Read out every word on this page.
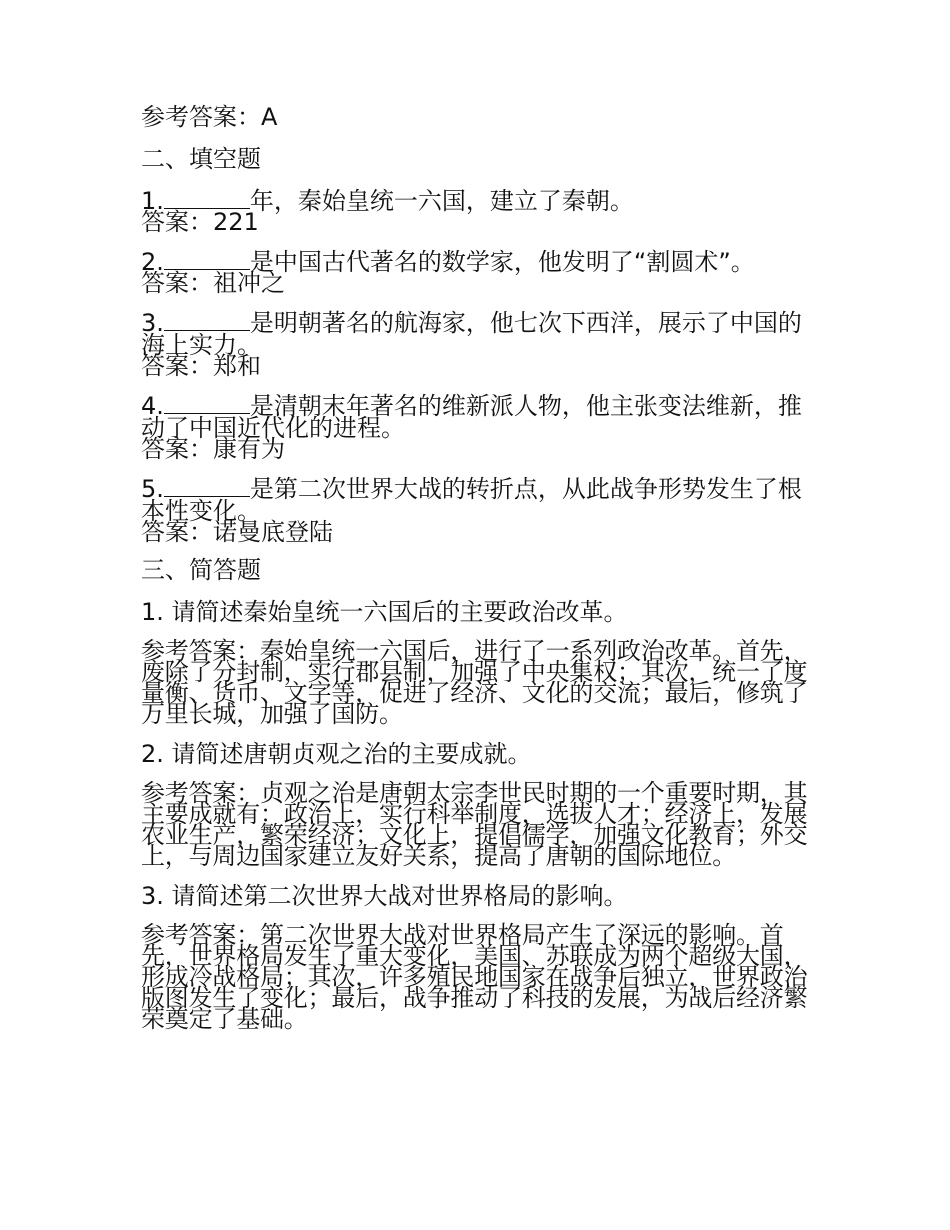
参考答案：A

二、填空题

1.	年，秦始皇统一六国，建立了秦朝。

答案：221

2.	是中国古代著名的数学家，他发明了“割圆术”。

答案：祖冲之

3.	是明朝著名的航海家，他七次下西洋，展示了中国的海上实力。

答案：郑和

4.	是清朝末年著名的维新派人物，他主张变法维新，推动了中国近代化的进程。

答案：康有为

5.	是第二次世界大战的转折点，从此战争形势发生了根本性变化。

答案：诺曼底登陆

三、简答题

1. 请简述秦始皇统一六国后的主要政治改革。

参考答案：秦始皇统一六国后，进行了一系列政治改革。首先，废除了分封制，实行郡县制，加强了中央集权；其次，统一了度量衡、货币、文字等，促进了经济、文化的交流；最后，修筑了万里长城，加强了国防。

2. 请简述唐朝贞观之治的主要成就。

参考答案：贞观之治是唐朝太宗李世民时期的一个重要时期，其主要成就有：政治上，实行科举制度，选拔人才；经济上，发展农业生产，繁荣经济；文化上，提倡儒学，加强文化教育；外交上，与周边国家建立友好关系，提高了唐朝的国际地位。

3. 请简述第二次世界大战对世界格局的影响。

参考答案：第二次世界大战对世界格局产生了深远的影响。首先，世界格局发生了重大变化，美国、苏联成为两个超级大国，形成冷战格局；其次，许多殖民地国家在战争后独立，世界政治版图发生了变化；最后，战争推动了科技的发展，为战后经济繁荣奠定了基础。
